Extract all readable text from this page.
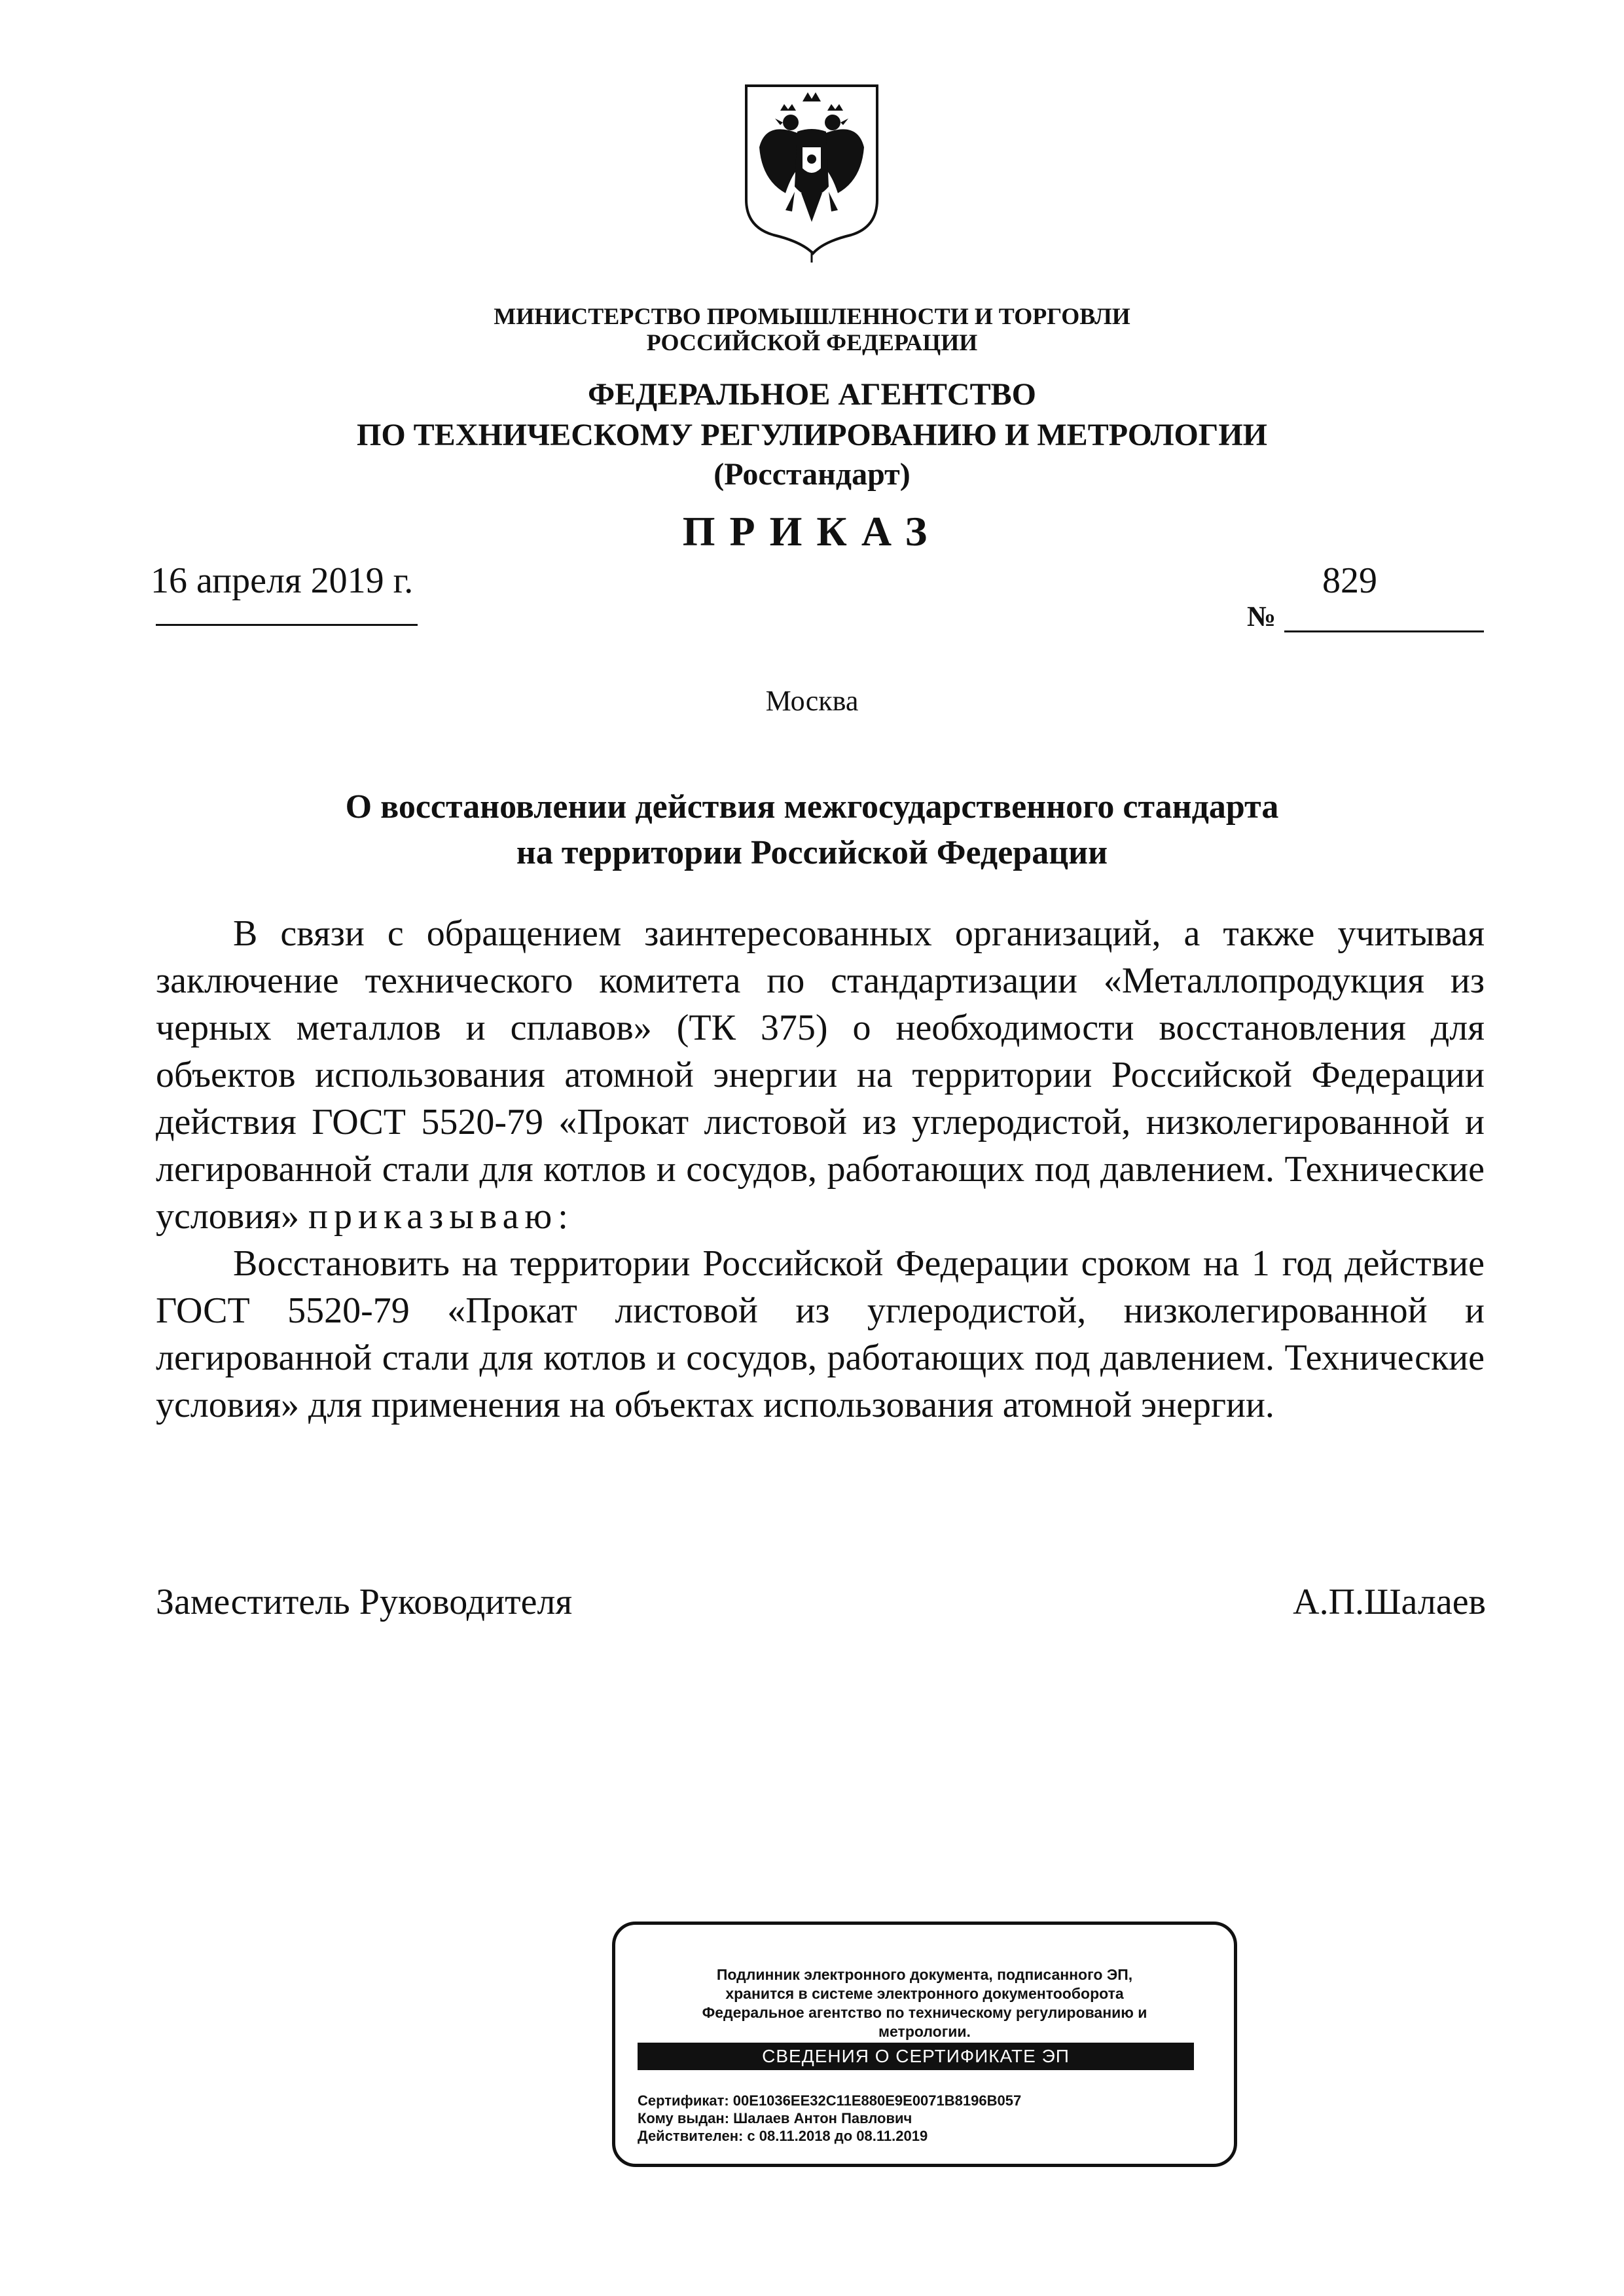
МИНИСТЕРСТВО ПРОМЫШЛЕННОСТИ И ТОРГОВЛИ
РОССИЙСКОЙ ФЕДЕРАЦИИ
ФЕДЕРАЛЬНОЕ АГЕНТСТВО
ПО ТЕХНИЧЕСКОМУ РЕГУЛИРОВАНИЮ И МЕТРОЛОГИИ
(Росстандарт)
ПРИКАЗ
16 апреля 2019 г.
№
829
Москва
О восстановлении действия межгосударственного стандарта
на территории Российской Федерации

В связи с обращением заинтересованных организаций, а также учитывая заключение технического комитета по стандартизации «Металлопродукция из черных металлов и сплавов» (ТК 375) о необходимости восстановления для объектов использования атомной энергии на территории Российской Федерации действия ГОСТ 5520-79 «Прокат листовой из углеродистой, низколегированной и легированной стали для котлов и сосудов, работающих под давлением. Технические условия» приказываю:

Восстановить на территории Российской Федерации сроком на 1 год действие ГОСТ 5520-79 «Прокат листовой из углеродистой, низколегированной и легированной стали для котлов и сосудов, работающих под давлением. Технические условия» для применения на объектах использования атомной энергии.

Заместитель Руководителя	А.П.Шалаев
Подлинник электронного документа, подписанного ЭП,
хранится в системе электронного документооборота
Федеральное агентство по техническому регулированию и
метрологии.
СВЕДЕНИЯ О СЕРТИФИКАТЕ ЭП
Сертификат: 00E1036EE32C11E880E9E0071B8196B057
Кому выдан: Шалаев Антон Павлович
Действителен: с 08.11.2018 до 08.11.2019
